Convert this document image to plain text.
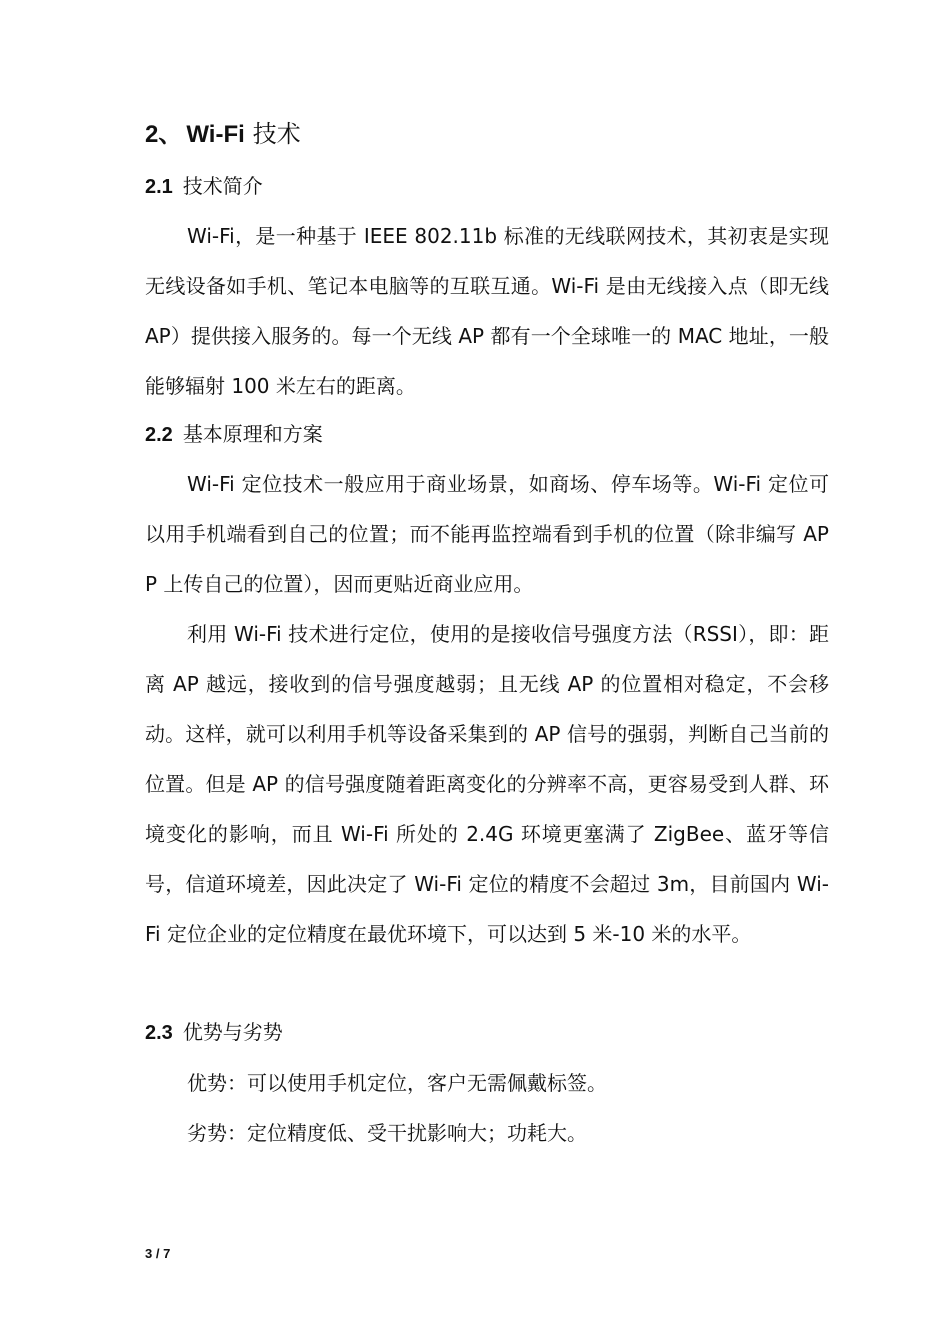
2、 Wi-Fi 技术
2.1 技术简介
Wi-Fi，是一种基于 IEEE 802.11b 标准的无线联网技术，其初衷是实现无线设备如手机、笔记本电脑等的互联互通。Wi-Fi 是由无线接入点（即无线 AP）提供接入服务的。每一个无线 AP 都有一个全球唯一的 MAC 地址，一般能够辐射 100 米左右的距离。
2.2 基本原理和方案
Wi-Fi 定位技术一般应用于商业场景，如商场、停车场等。Wi-Fi 定位可以用手机端看到自己的位置；而不能再监控端看到手机的位置（除非编写 APP 上传自己的位置），因而更贴近商业应用。
利用 Wi-Fi 技术进行定位，使用的是接收信号强度方法（RSSI），即：距离 AP 越远，接收到的信号强度越弱；且无线 AP 的位置相对稳定，不会移动。这样，就可以利用手机等设备采集到的 AP 信号的强弱，判断自己当前的位置。但是 AP 的信号强度随着距离变化的分辨率不高，更容易受到人群、环境变化的影响，而且 Wi-Fi 所处的 2.4G 环境更塞满了 ZigBee、蓝牙等信号，信道环境差，因此决定了 Wi-Fi 定位的精度不会超过 3m，目前国内 Wi-Fi 定位企业的定位精度在最优环境下，可以达到 5 米-10 米的水平。
2.3 优势与劣势
优势：可以使用手机定位，客户无需佩戴标签。
劣势：定位精度低、受干扰影响大；功耗大。
3 / 7
